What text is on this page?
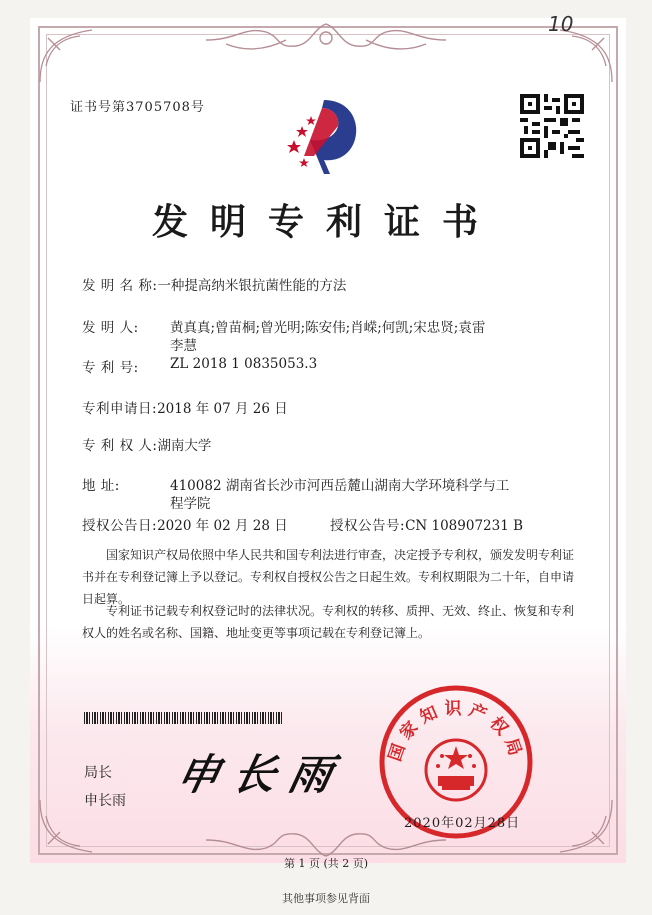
10

证书号第3705708号

发明专利证书
发 明 名 称:一种提高纳米银抗菌性能的方法
发 明 人: 黄真真;曾苗桐;曾光明;陈安伟;肖嵘;何凯;宋忠贤;袁雷

李慧

专 利 号: ZL 2018 1 0835053.3

专利申请日:2018 年 07 月 26 日
专 利 权 人:湖南大学
地 址:	410082 湖南省长沙市河西岳麓山湖南大学环境科学与工

程学院

授权公告日:2020 年 02 月 28 日	授权公告号:CN 108907231 B

国家知识产权局依照中华人民共和国专利法进行审查，决定授予专利权，颁发发明专利证书并在专利登记簿上予以登记。专利权自授权公告之日起生效。专利权期限为二十年，自申请日起算。

专利证书记载专利权登记时的法律状况。专利权的转移、质押、无效、终止、恢复和专利权人的姓名或名称、国籍、地址变更等事项记载在专利登记簿上。

局长

申长雨

申长雨

国家知识产权局

2020年02月28日

第 1 页 (共 2 页)

其他事项参见背面
